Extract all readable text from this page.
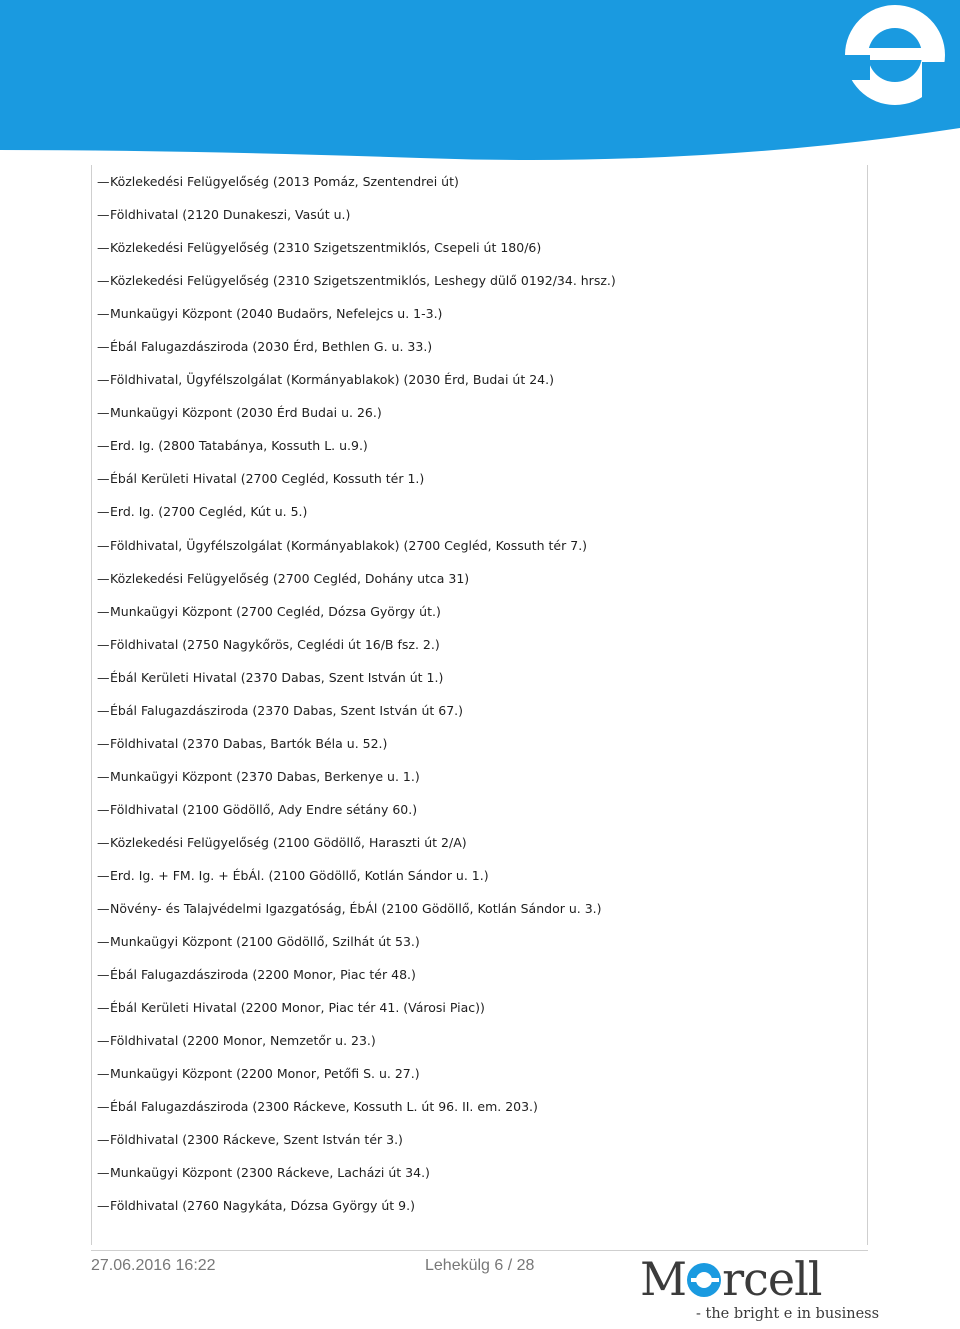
—Közlekedési Felügyelőség (2013 Pomáz, Szentendrei út)
—Földhivatal (2120 Dunakeszi, Vasút u.)
—Közlekedési Felügyelőség (2310 Szigetszentmiklós, Csepeli út 180/6)
—Közlekedési Felügyelőség (2310 Szigetszentmiklós, Leshegy dülő 0192/34. hrsz.)
—Munkaügyi Központ (2040 Budaörs, Nefelejcs u. 1-3.)
—Ébál Falugazdásziroda (2030 Érd, Bethlen G. u. 33.)
—Földhivatal, Ügyfélszolgálat (Kormányablakok) (2030 Érd, Budai út 24.)
—Munkaügyi Központ (2030 Érd Budai u. 26.)
—Erd. Ig. (2800 Tatabánya, Kossuth L. u.9.)
—Ébál Kerületi Hivatal (2700 Cegléd, Kossuth tér 1.)
—Erd. Ig. (2700 Cegléd, Kút u. 5.)
—Földhivatal, Ügyfélszolgálat (Kormányablakok) (2700 Cegléd, Kossuth tér 7.)
—Közlekedési Felügyelőség (2700 Cegléd, Dohány utca 31)
—Munkaügyi Központ (2700 Cegléd, Dózsa György út.)
—Földhivatal (2750 Nagykőrös, Ceglédi út 16/B fsz. 2.)
—Ébál Kerületi Hivatal (2370 Dabas, Szent István út 1.)
—Ébál Falugazdásziroda (2370 Dabas, Szent István út 67.)
—Földhivatal (2370 Dabas, Bartók Béla u. 52.)
—Munkaügyi Központ (2370 Dabas, Berkenye u. 1.)
—Földhivatal (2100 Gödöllő, Ady Endre sétány 60.)
—Közlekedési Felügyelőség (2100 Gödöllő, Haraszti út 2/A)
—Erd. Ig. + FM. Ig. + ÉbÁl. (2100 Gödöllő, Kotlán Sándor u. 1.)
—Növény- és Talajvédelmi Igazgatóság, ÉbÁl (2100 Gödöllő, Kotlán Sándor u. 3.)
—Munkaügyi Központ (2100 Gödöllő, Szilhát út 53.)
—Ébál Falugazdásziroda (2200 Monor, Piac tér 48.)
—Ébál Kerületi Hivatal (2200 Monor, Piac tér 41. (Városi Piac))
—Földhivatal (2200 Monor, Nemzetőr u. 23.)
—Munkaügyi Központ (2200 Monor, Petőfi S. u. 27.)
—Ébál Falugazdásziroda (2300 Ráckeve, Kossuth L. út 96. II. em. 203.)
—Földhivatal (2300 Ráckeve, Szent István tér 3.)
—Munkaügyi Központ (2300 Ráckeve, Lacházi út 34.)
—Földhivatal (2760 Nagykáta, Dózsa György út 9.)
27.06.2016 16:22	Lehekülg 6 / 28 M rcell
- the bright e in business
